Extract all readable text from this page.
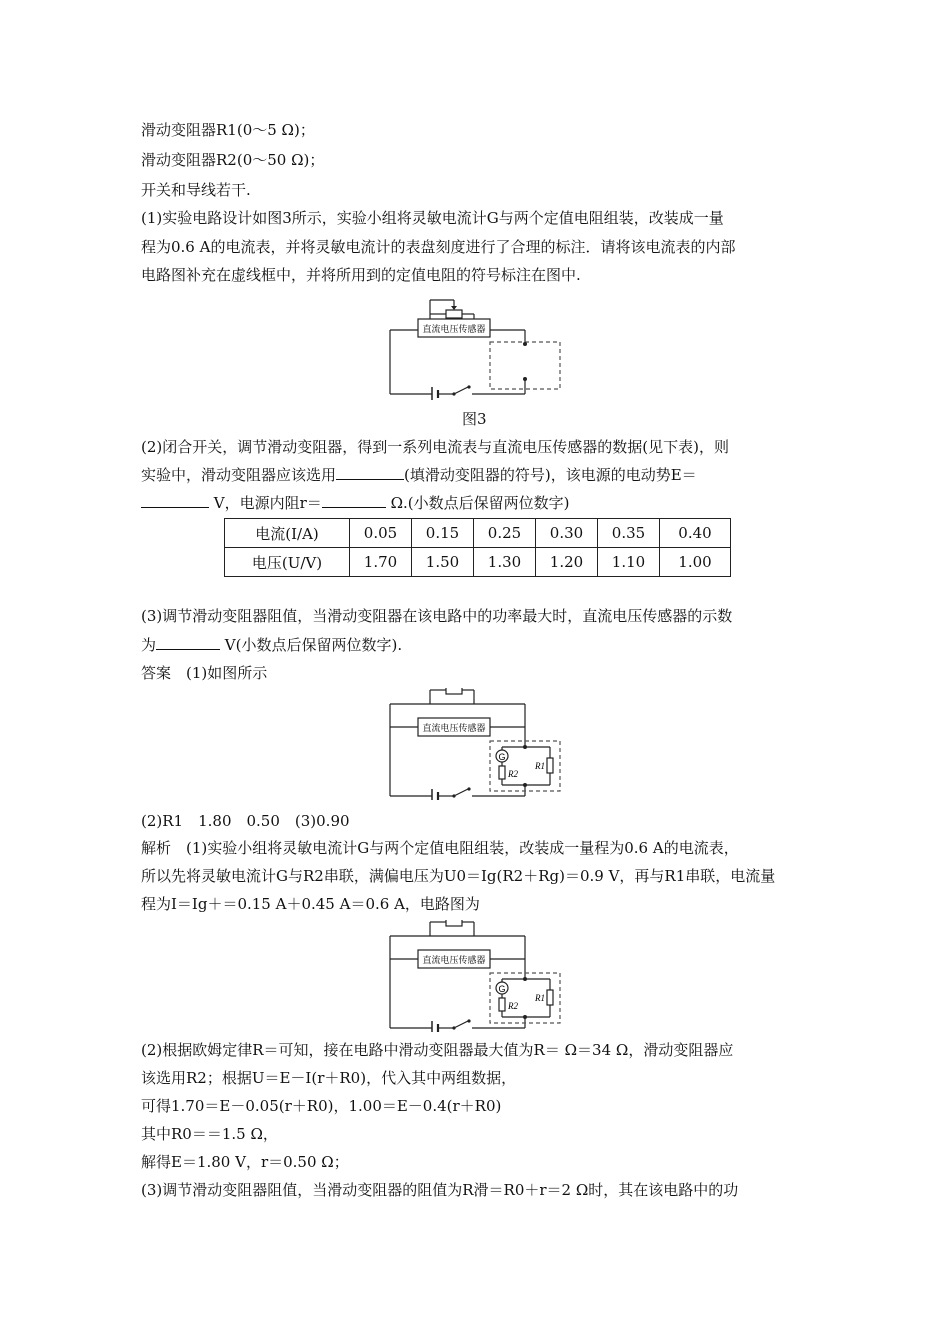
滑动变阻器R1(0～5 Ω)；
滑动变阻器R2(0～50 Ω)；
开关和导线若干.
(1)实验电路设计如图3所示，实验小组将灵敏电流计G与两个定值电阻组装，改装成一量
程为0.6 A的电流表，并将灵敏电流计的表盘刻度进行了合理的标注．请将该电流表的内部
电路图补充在虚线框中，并将所用到的定值电阻的符号标注在图中.
直流电压传感器
图3
(2)闭合开关，调节滑动变阻器，得到一系列电流表与直流电压传感器的数据(见下表)，则
实验中，滑动变阻器应该选用	(填滑动变阻器的符号)，该电源的电动势E＝
V，电源内阻r＝	Ω.(小数点后保留两位数字)
电流(I/A)	0.05	0.15	0.25	0.30	0.35	0.40
电压(U/V)	1.70	1.50	1.30	1.20	1.10	1.00
(3)调节滑动变阻器阻值，当滑动变阻器在该电路中的功率最大时，直流电压传感器的示数
为	V(小数点后保留两位数字).
答案　(1)如图所示
直流电压传感器
G
R2
R1
(2)R1　1.80　0.50　(3)0.90
解析　(1)实验小组将灵敏电流计G与两个定值电阻组装，改装成一量程为0.6 A的电流表，
所以先将灵敏电流计G与R2串联，满偏电压为U0＝Ig(R2＋Rg)＝0.9 V，再与R1串联，电流量
程为I＝Ig＋＝0.15 A＋0.45 A＝0.6 A，电路图为
直流电压传感器
G
R2
R1
(2)根据欧姆定律R＝可知，接在电路中滑动变阻器最大值为R＝ Ω＝34 Ω，滑动变阻器应
该选用R2；根据U＝E－I(r＋R0)，代入其中两组数据，
可得1.70＝E－0.05(r＋R0)，1.00＝E－0.4(r＋R0)
其中R0＝＝1.5 Ω，
解得E＝1.80 V，r＝0.50 Ω；
(3)调节滑动变阻器阻值，当滑动变阻器的阻值为R滑＝R0＋r＝2 Ω时，其在该电路中的功
